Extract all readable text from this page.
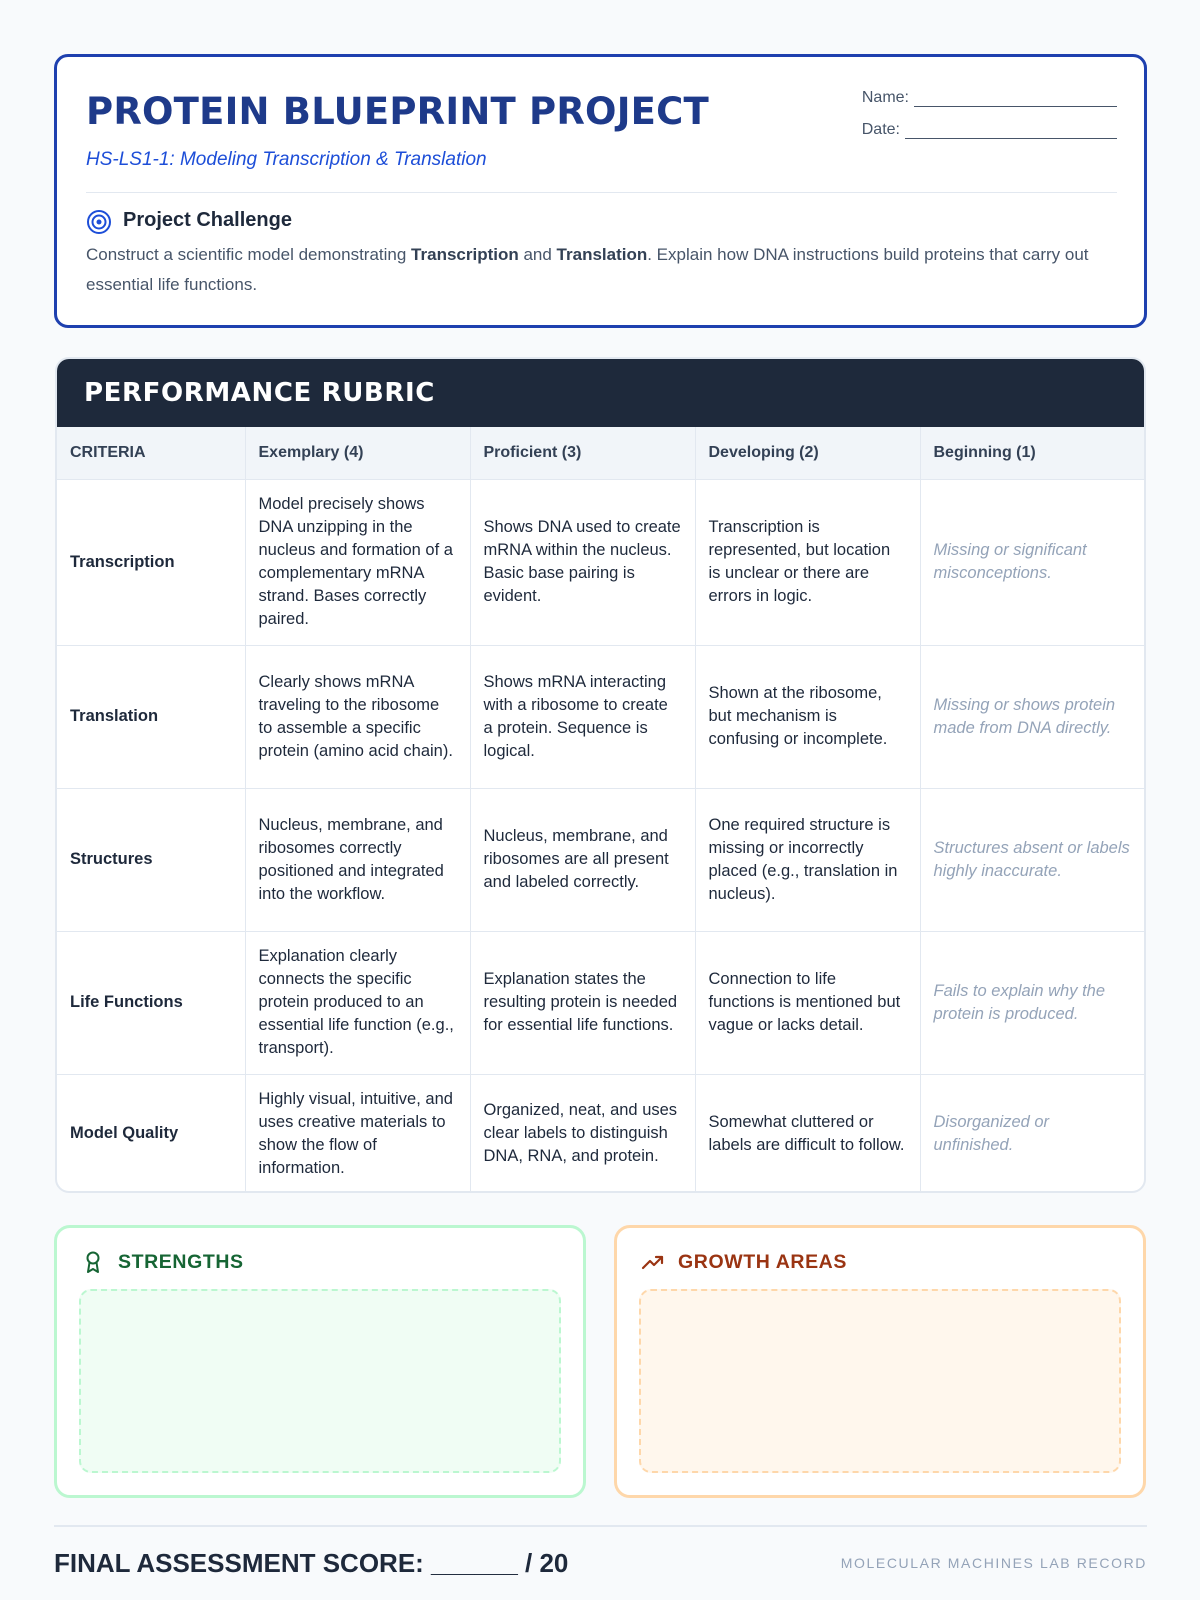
PROTEIN BLUEPRINT PROJECT
HS-LS1-1: Modeling Transcription & Translation
Name:
Date:
Project Challenge
Construct a scientific model demonstrating Transcription and Translation. Explain how DNA instructions build proteins that carry out essential life functions.
PERFORMANCE RUBRIC
CRITERIA	Exemplary (4)	Proficient (3)	Developing (2)	Beginning (1)
Transcription	Model precisely shows DNA unzipping in the nucleus and formation of a complementary mRNA strand. Bases correctly paired.	Shows DNA used to create mRNA within the nucleus. Basic base pairing is evident.	Transcription is represented, but location is unclear or there are errors in logic.	Missing or significant misconceptions.
Translation	Clearly shows mRNA traveling to the ribosome to assemble a specific protein (amino acid chain).	Shows mRNA interacting with a ribosome to create a protein. Sequence is logical.	Shown at the ribosome, but mechanism is confusing or incomplete.	Missing or shows protein made from DNA directly.
Structures	Nucleus, membrane, and ribosomes correctly positioned and integrated into the workflow.	Nucleus, membrane, and ribosomes are all present and labeled correctly.	One required structure is missing or incorrectly placed (e.g., translation in nucleus).	Structures absent or labels highly inaccurate.
Life Functions	Explanation clearly connects the specific protein produced to an essential life function (e.g., transport).	Explanation states the resulting protein is needed for essential life functions.	Connection to life functions is mentioned but vague or lacks detail.	Fails to explain why the protein is produced.
Model Quality	Highly visual, intuitive, and uses creative materials to show the flow of information.	Organized, neat, and uses clear labels to distinguish DNA, RNA, and protein.	Somewhat cluttered or labels are difficult to follow.	Disorganized or unfinished.
STRENGTHS	GROWTH AREAS
FINAL ASSESSMENT SCORE: ______ / 20	MOLECULAR MACHINES LAB RECORD
